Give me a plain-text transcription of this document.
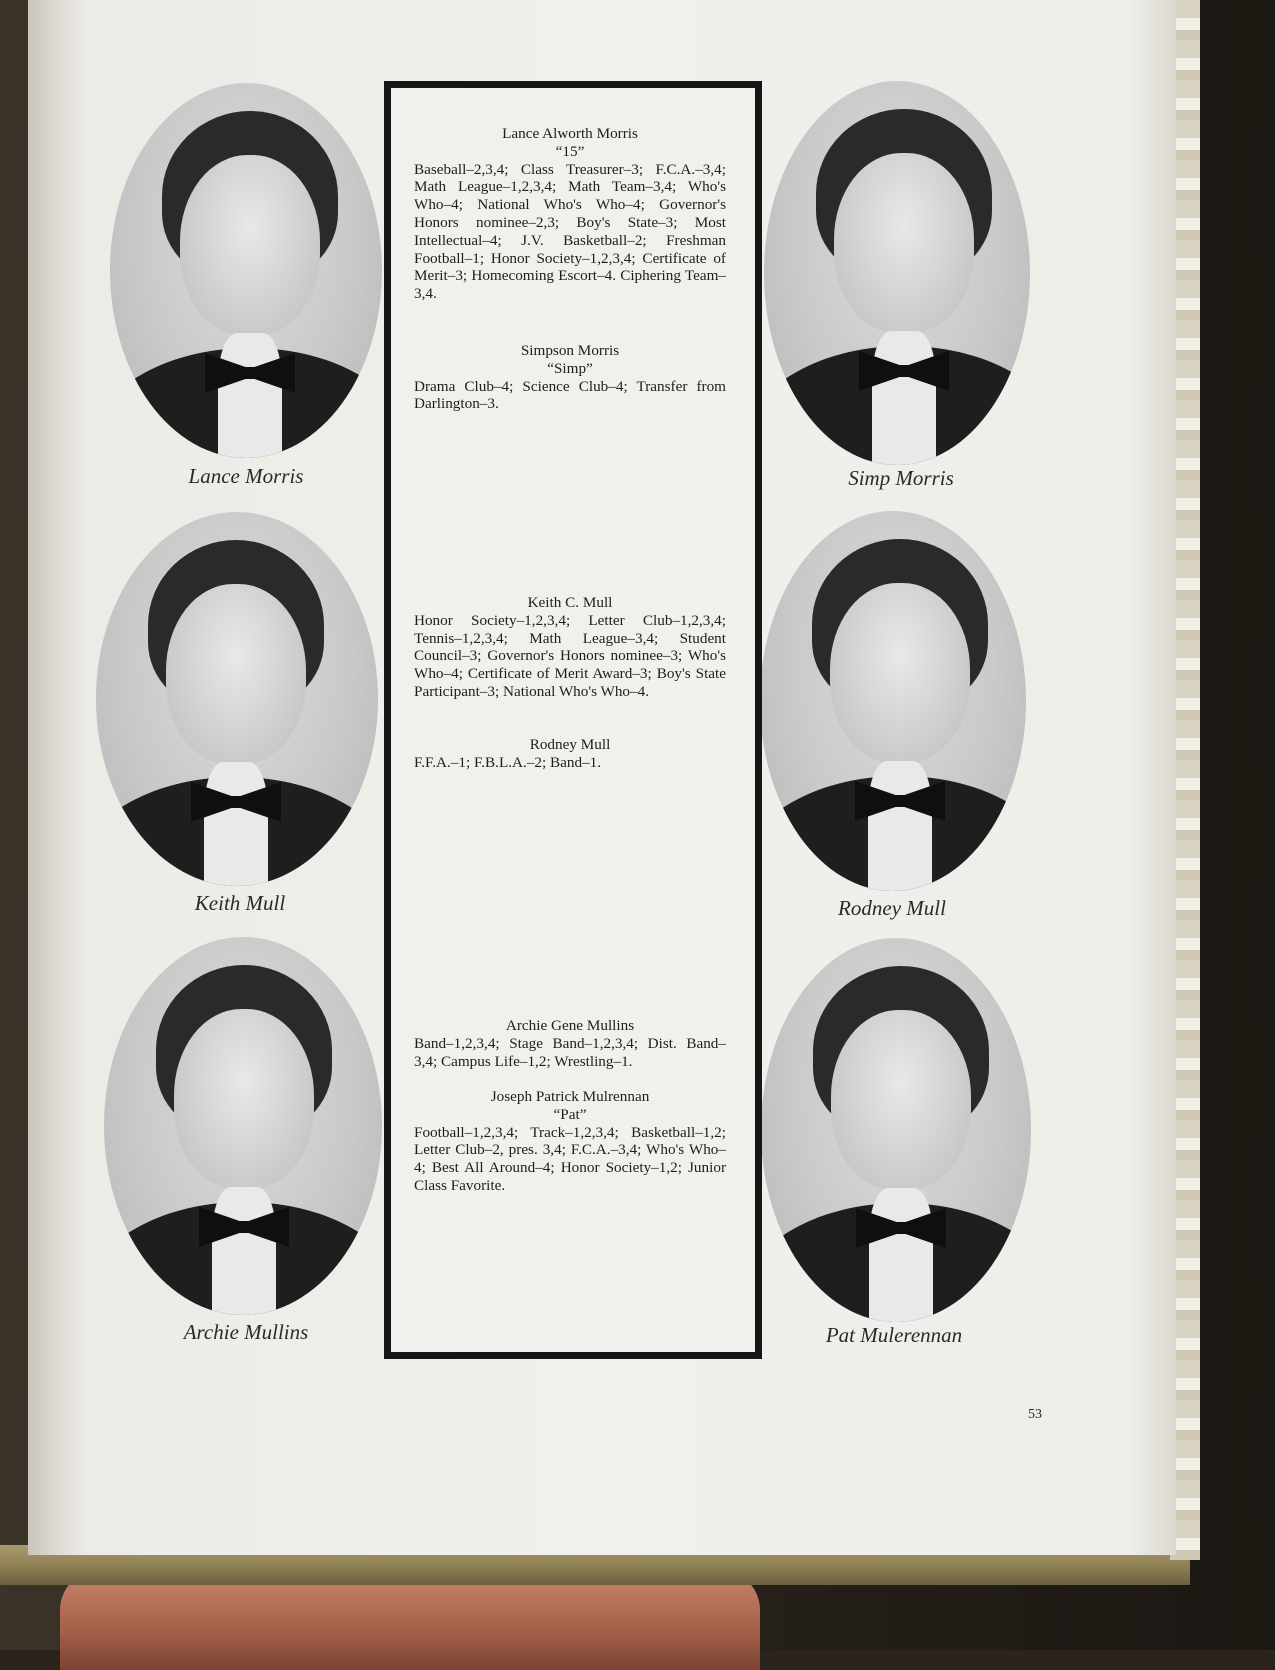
Lance Morris
Keith Mull
Archie Mullins
Simp Morris
Rodney Mull
Pat Mulerennan
Lance Alworth Morris
“15”
Baseball–2,3,4; Class Treasurer–3; F.C.A.–3,4; Math League–1,2,3,4; Math Team–3,4; Who's Who–4; National Who's Who–4; Governor's Honors nominee–2,3; Boy's State–3; Most Intellectual–4; J.V. Basketball–2; Freshman Football–1; Honor Society–1,2,3,4; Certificate of Merit–3; Homecoming Escort–4. Ciphering Team–3,4.
Simpson Morris
“Simp”
Drama Club–4; Science Club–4; Transfer from Darlington–3.
Keith C. Mull
Honor Society–1,2,3,4; Letter Club–1,2,3,4; Tennis–1,2,3,4; Math League–3,4; Student Council–3; Governor's Honors nominee–3; Who's Who–4; Certificate of Merit Award–3; Boy's State Participant–3; National Who's Who–4.
Rodney Mull
F.F.A.–1; F.B.L.A.–2; Band–1.
Archie Gene Mullins
Band–1,2,3,4; Stage Band–1,2,3,4; Dist. Band–3,4; Campus Life–1,2; Wrestling–1.
Joseph Patrick Mulrennan
“Pat”
Football–1,2,3,4; Track–1,2,3,4; Basketball–1,2; Letter Club–2, pres. 3,4; F.C.A.–3,4; Who's Who–4; Best All Around–4; Honor Society–1,2; Junior Class Favorite.
53
